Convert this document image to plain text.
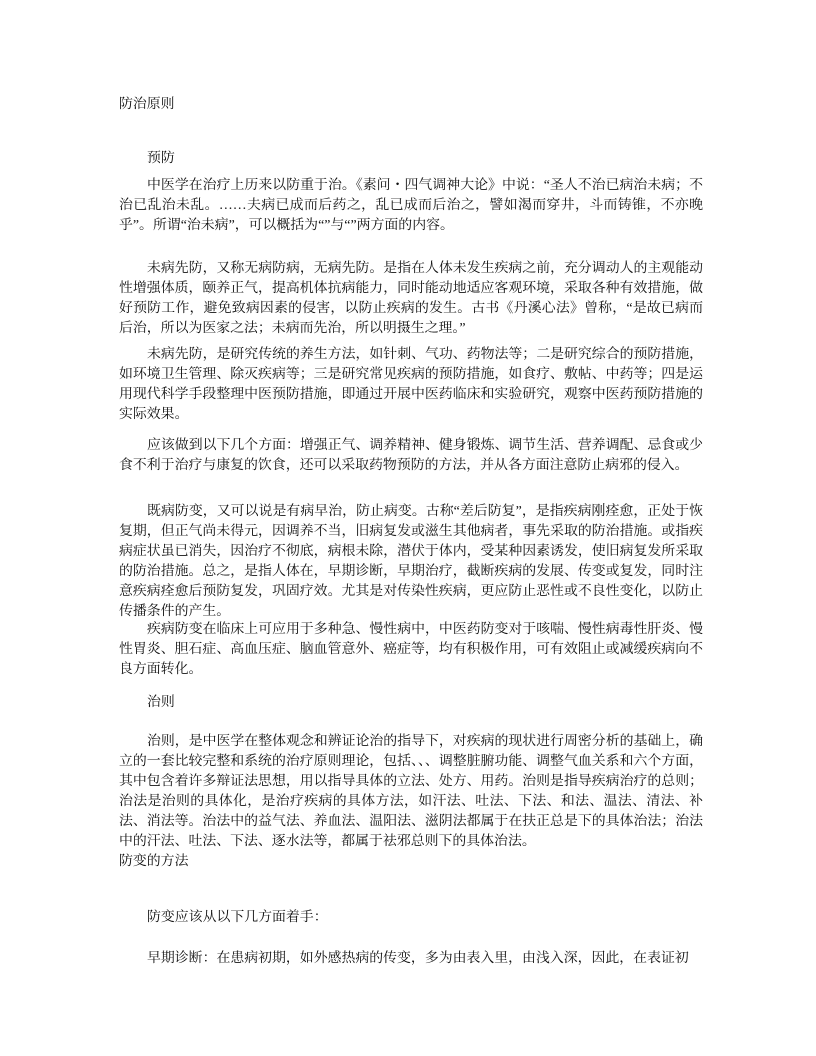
防治原则
预防
中医学在治疗上历来以防重于治。《素问・四气调神大论》中说：“圣人不治已病治未病；不治已乱治未乱。……夫病已成而后药之，乱已成而后治之，譬如渴而穿井，斗而铸锥，不亦晚乎”。所谓“治未病”，可以概括为“”与“”两方面的内容。
未病先防，又称无病防病，无病先防。是指在人体未发生疾病之前，充分调动人的主观能动性增强体质，颐养正气，提高机体抗病能力，同时能动地适应客观环境，采取各种有效措施，做好预防工作，避免致病因素的侵害，以防止疾病的发生。古书《丹溪心法》曾称，“是故已病而后治，所以为医家之法；未病而先治，所以明摄生之理。”
未病先防，是研究传统的养生方法，如针刺、气功、药物法等；二是研究综合的预防措施，如环境卫生管理、除灭疾病等；三是研究常见疾病的预防措施，如食疗、敷帖、中药等；四是运用现代科学手段整理中医预防措施，即通过开展中医药临床和实验研究，观察中医药预防措施的实际效果。
应该做到以下几个方面：增强正气、调养精神、健身锻炼、调节生活、营养调配、忌食或少食不利于治疗与康复的饮食，还可以采取药物预防的方法，并从各方面注意防止病邪的侵入。
既病防变，又可以说是有病早治，防止病变。古称“差后防复”，是指疾病刚痊愈，正处于恢复期，但正气尚未得元，因调养不当，旧病复发或滋生其他病者，事先采取的防治措施。或指疾病症状虽已消失，因治疗不彻底，病根未除，潜伏于体内，受某种因素诱发，使旧病复发所采取的防治措施。总之，是指人体在，早期诊断，早期治疗，截断疾病的发展、传变或复发，同时注意疾病痊愈后预防复发，巩固疗效。尤其是对传染性疾病，更应防止恶性或不良性变化，以防止传播条件的产生。
疾病防变在临床上可应用于多种急、慢性病中，中医药防变对于咳喘、慢性病毒性肝炎、慢性胃炎、胆石症、高血压症、脑血管意外、癌症等，均有积极作用，可有效阻止或减缓疾病向不良方面转化。
治则
治则，是中医学在整体观念和辨证论治的指导下，对疾病的现状进行周密分析的基础上，确立的一套比较完整和系统的治疗原则理论，包括、、、调整脏腑功能、调整气血关系和六个方面，其中包含着许多辩证法思想，用以指导具体的立法、处方、用药。治则是指导疾病治疗的总则；治法是治则的具体化，是治疗疾病的具体方法，如汗法、吐法、下法、和法、温法、清法、补法、消法等。治法中的益气法、养血法、温阳法、滋阴法都属于在扶正总是下的具体治法；治法中的汗法、吐法、下法、逐水法等，都属于祛邪总则下的具体治法。
防变的方法
防变应该从以下几方面着手：
早期诊断：在患病初期，如外感热病的传变，多为由表入里，由浅入深，因此，在表证初
